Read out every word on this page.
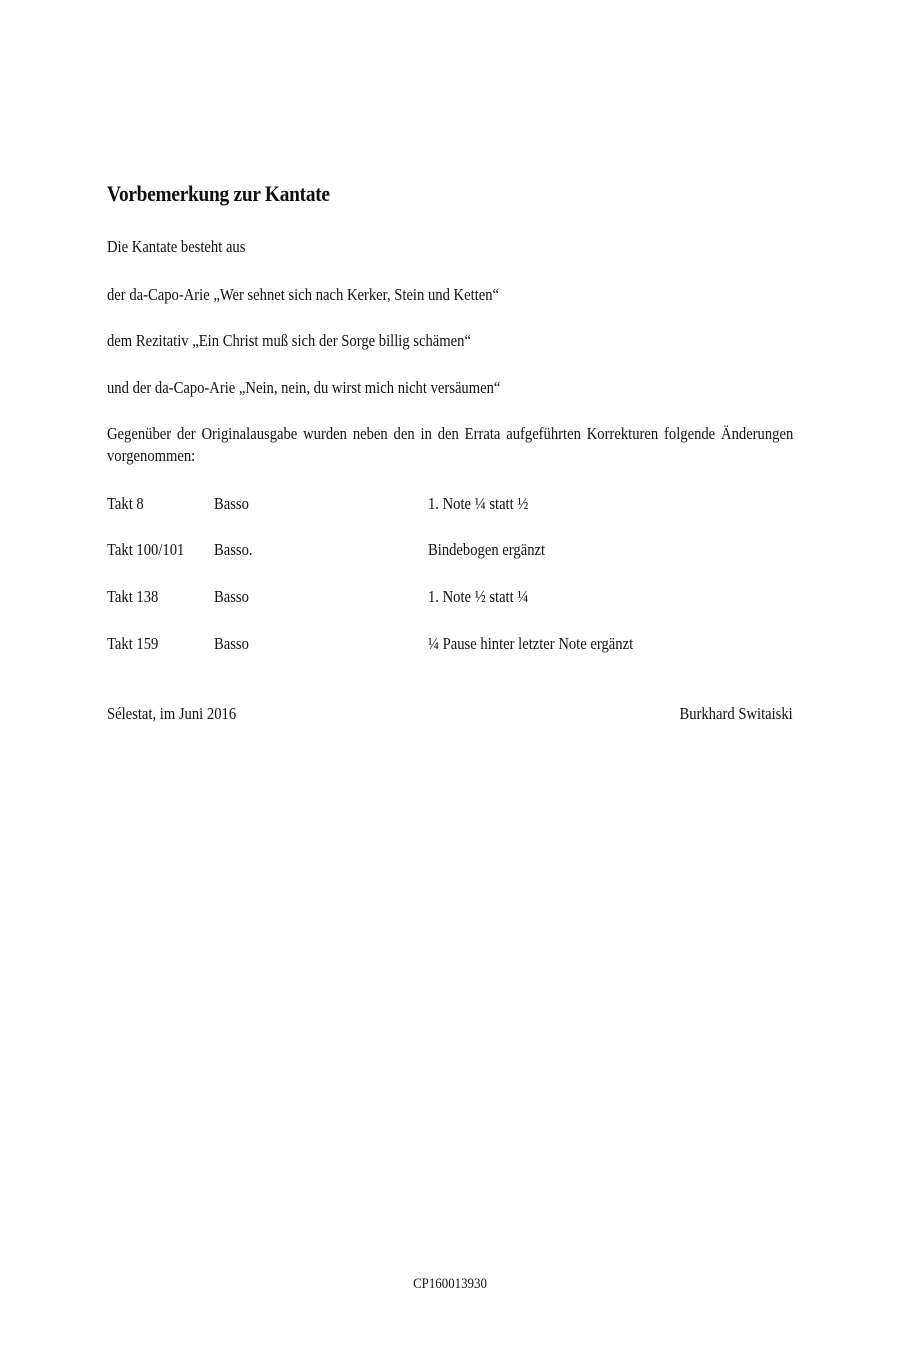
Vorbemerkung zur Kantate
Die Kantate besteht aus
der da-Capo-Arie „Wer sehnet sich nach Kerker, Stein und Ketten“
dem Rezitativ „Ein Christ muß sich der Sorge billig schämen“
und der da-Capo-Arie „Nein, nein, du wirst mich nicht versäumen“
Gegenüber der Originalausgabe wurden neben den in den Errata aufgeführten Korrekturen folgende Änderungen vorgenommen:
Takt 8	Basso	1. Note ¼ statt ½
Takt 100/101 Basso.	Bindebogen ergänzt
Takt 138	Basso	1. Note ½ statt ¼
Takt 159	Basso	¼ Pause hinter letzter Note ergänzt
Sélestat, im Juni 2016	Burkhard Switaiski
CP160013930
